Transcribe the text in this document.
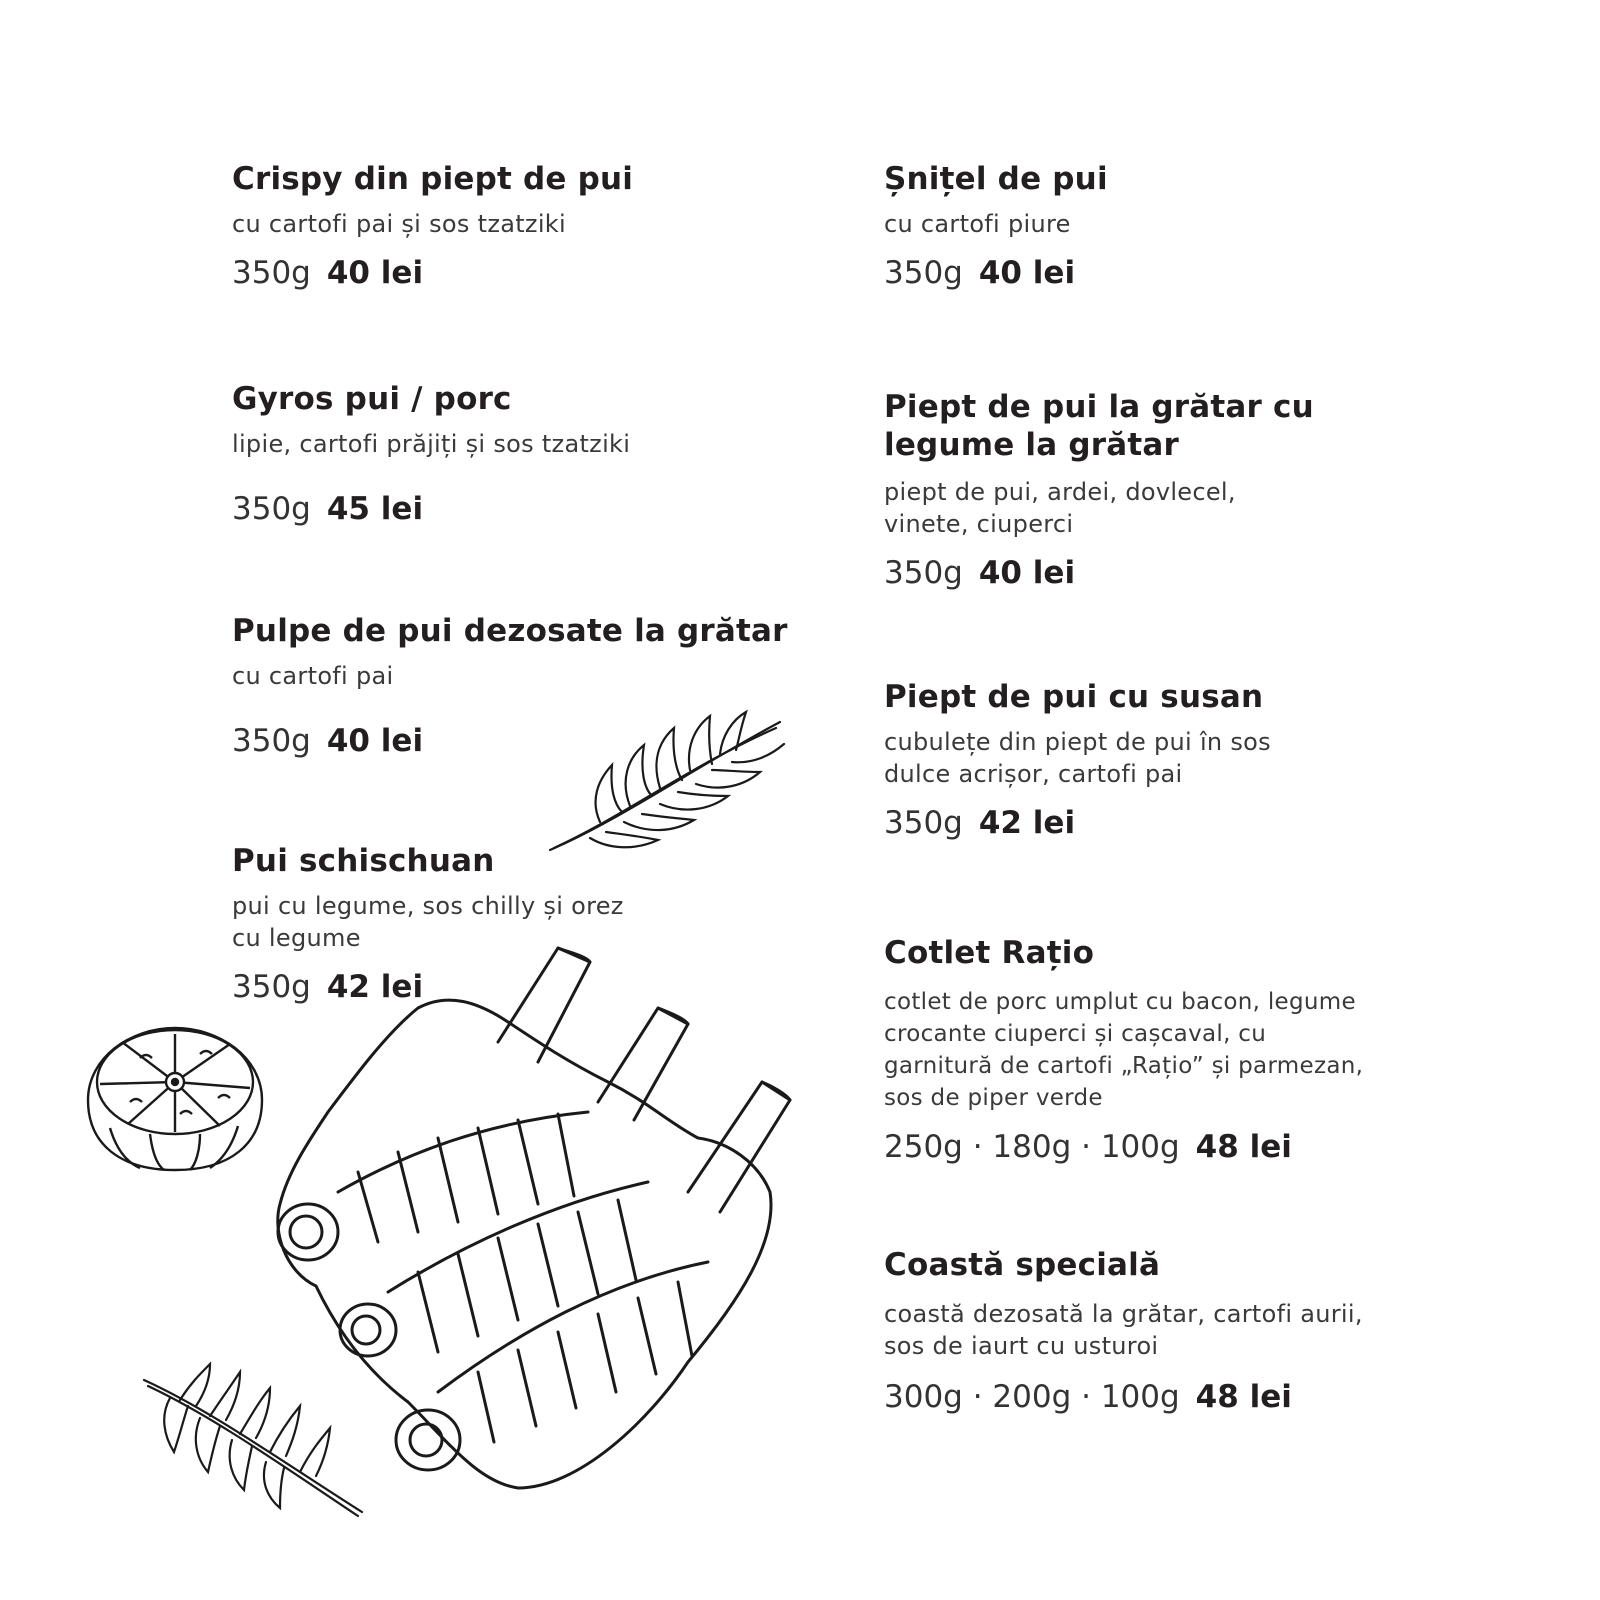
Crispy din piept de pui

cu cartofi pai și sos tzatziki

350g 40 lei
Gyros pui / porc

lipie, cartofi prăjiți și sos tzatziki

350g 45 lei
Pulpe de pui dezosate la grătar

cu cartofi pai

350g 40 lei
Pui schischuan

pui cu legume, sos chilly și orez
cu legume

350g 42 lei
Șnițel de pui

cu cartofi piure

350g 40 lei
Piept de pui la grătar cu
legume la grătar

piept de pui, ardei, dovlecel,
vinete, ciuperci

350g 40 lei
Piept de pui cu susan

cubulețe din piept de pui în sos
dulce acrișor, cartofi pai

350g 42 lei
Cotlet Rațio

cotlet de porc umplut cu bacon, legume
crocante ciuperci și cașcaval, cu
garnitură de cartofi „Rațio” și parmezan,
sos de piper verde

250g · 180g · 100g 48 lei
Coastă specială

coastă dezosată la grătar, cartofi aurii,
sos de iaurt cu usturoi

300g · 200g · 100g 48 lei
